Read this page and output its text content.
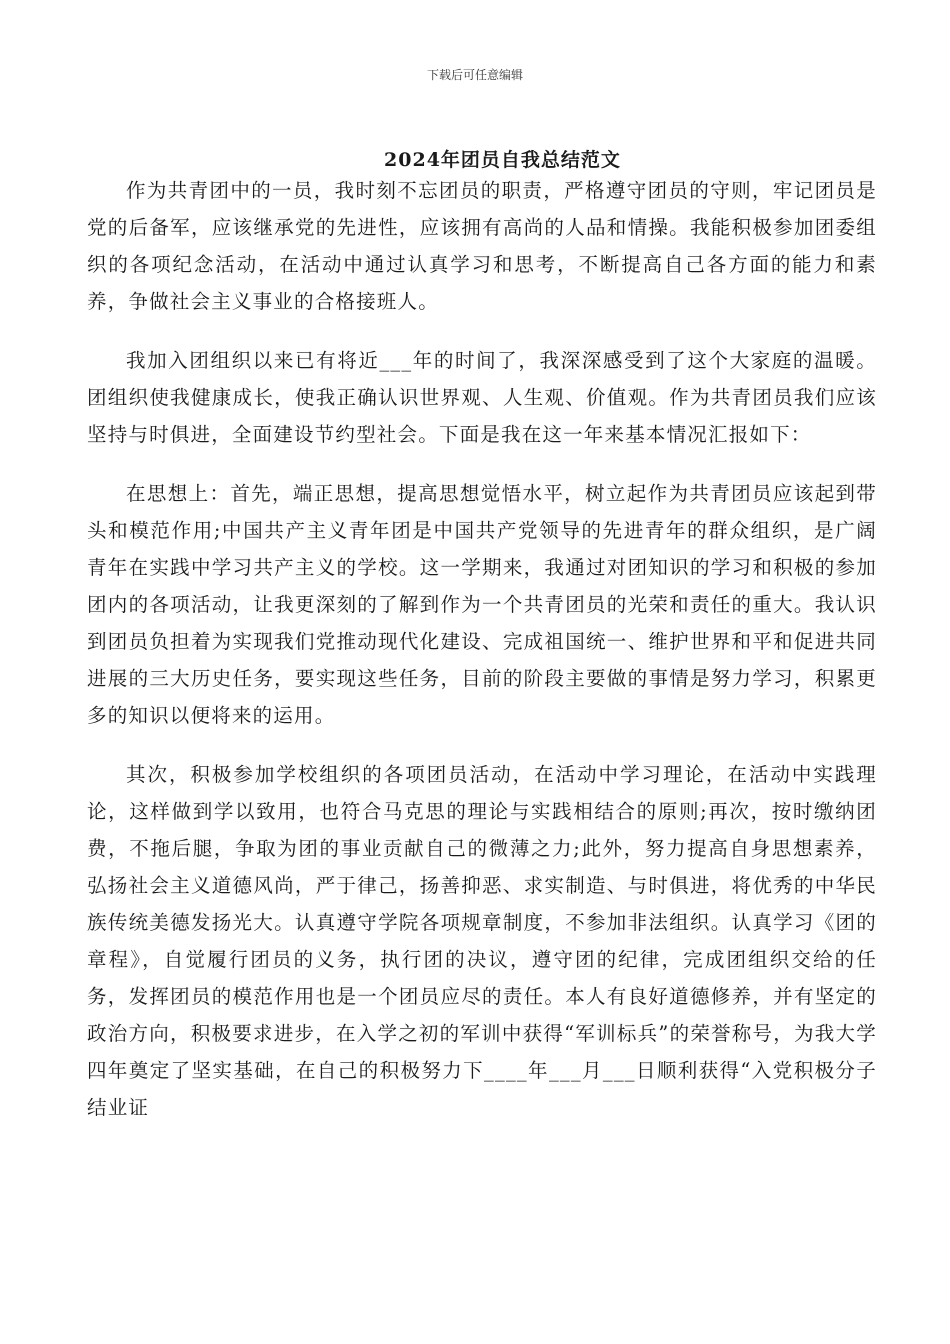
下载后可任意编辑
2024年团员自我总结范文

作为共青团中的一员，我时刻不忘团员的职责，严格遵守团员的守则，牢记团员是党的后备军，应该继承党的先进性，应该拥有高尚的人品和情操。我能积极参加团委组织的各项纪念活动，在活动中通过认真学习和思考，不断提高自己各方面的能力和素养，争做社会主义事业的合格接班人。

我加入团组织以来已有将近___年的时间了，我深深感受到了这个大家庭的温暖。团组织使我健康成长，使我正确认识世界观、人生观、价值观。作为共青团员我们应该坚持与时俱进，全面建设节约型社会。下面是我在这一年来基本情况汇报如下：

在思想上：首先，端正思想，提高思想觉悟水平，树立起作为共青团员应该起到带头和模范作用;中国共产主义青年团是中国共产党领导的先进青年的群众组织，是广阔青年在实践中学习共产主义的学校。这一学期来，我通过对团知识的学习和积极的参加团内的各项活动，让我更深刻的了解到作为一个共青团员的光荣和责任的重大。我认识到团员负担着为实现我们党推动现代化建设、完成祖国统一、维护世界和平和促进共同进展的三大历史任务，要实现这些任务，目前的阶段主要做的事情是努力学习，积累更多的知识以便将来的运用。

其次，积极参加学校组织的各项团员活动，在活动中学习理论，在活动中实践理论，这样做到学以致用，也符合马克思的理论与实践相结合的原则;再次，按时缴纳团费，不拖后腿，争取为团的事业贡献自己的微薄之力;此外，努力提高自身思想素养，弘扬社会主义道德风尚，严于律己，扬善抑恶、求实制造、与时俱进，将优秀的中华民族传统美德发扬光大。认真遵守学院各项规章制度，不参加非法组织。认真学习《团的章程》，自觉履行团员的义务，执行团的决议，遵守团的纪律，完成团组织交给的任务，发挥团员的模范作用也是一个团员应尽的责任。本人有良好道德修养，并有坚定的政治方向，积极要求进步，在入学之初的军训中获得“军训标兵”的荣誉称号，为我大学四年奠定了坚实基础，在自己的积极努力下____年___月___日顺利获得“入党积极分子结业证
